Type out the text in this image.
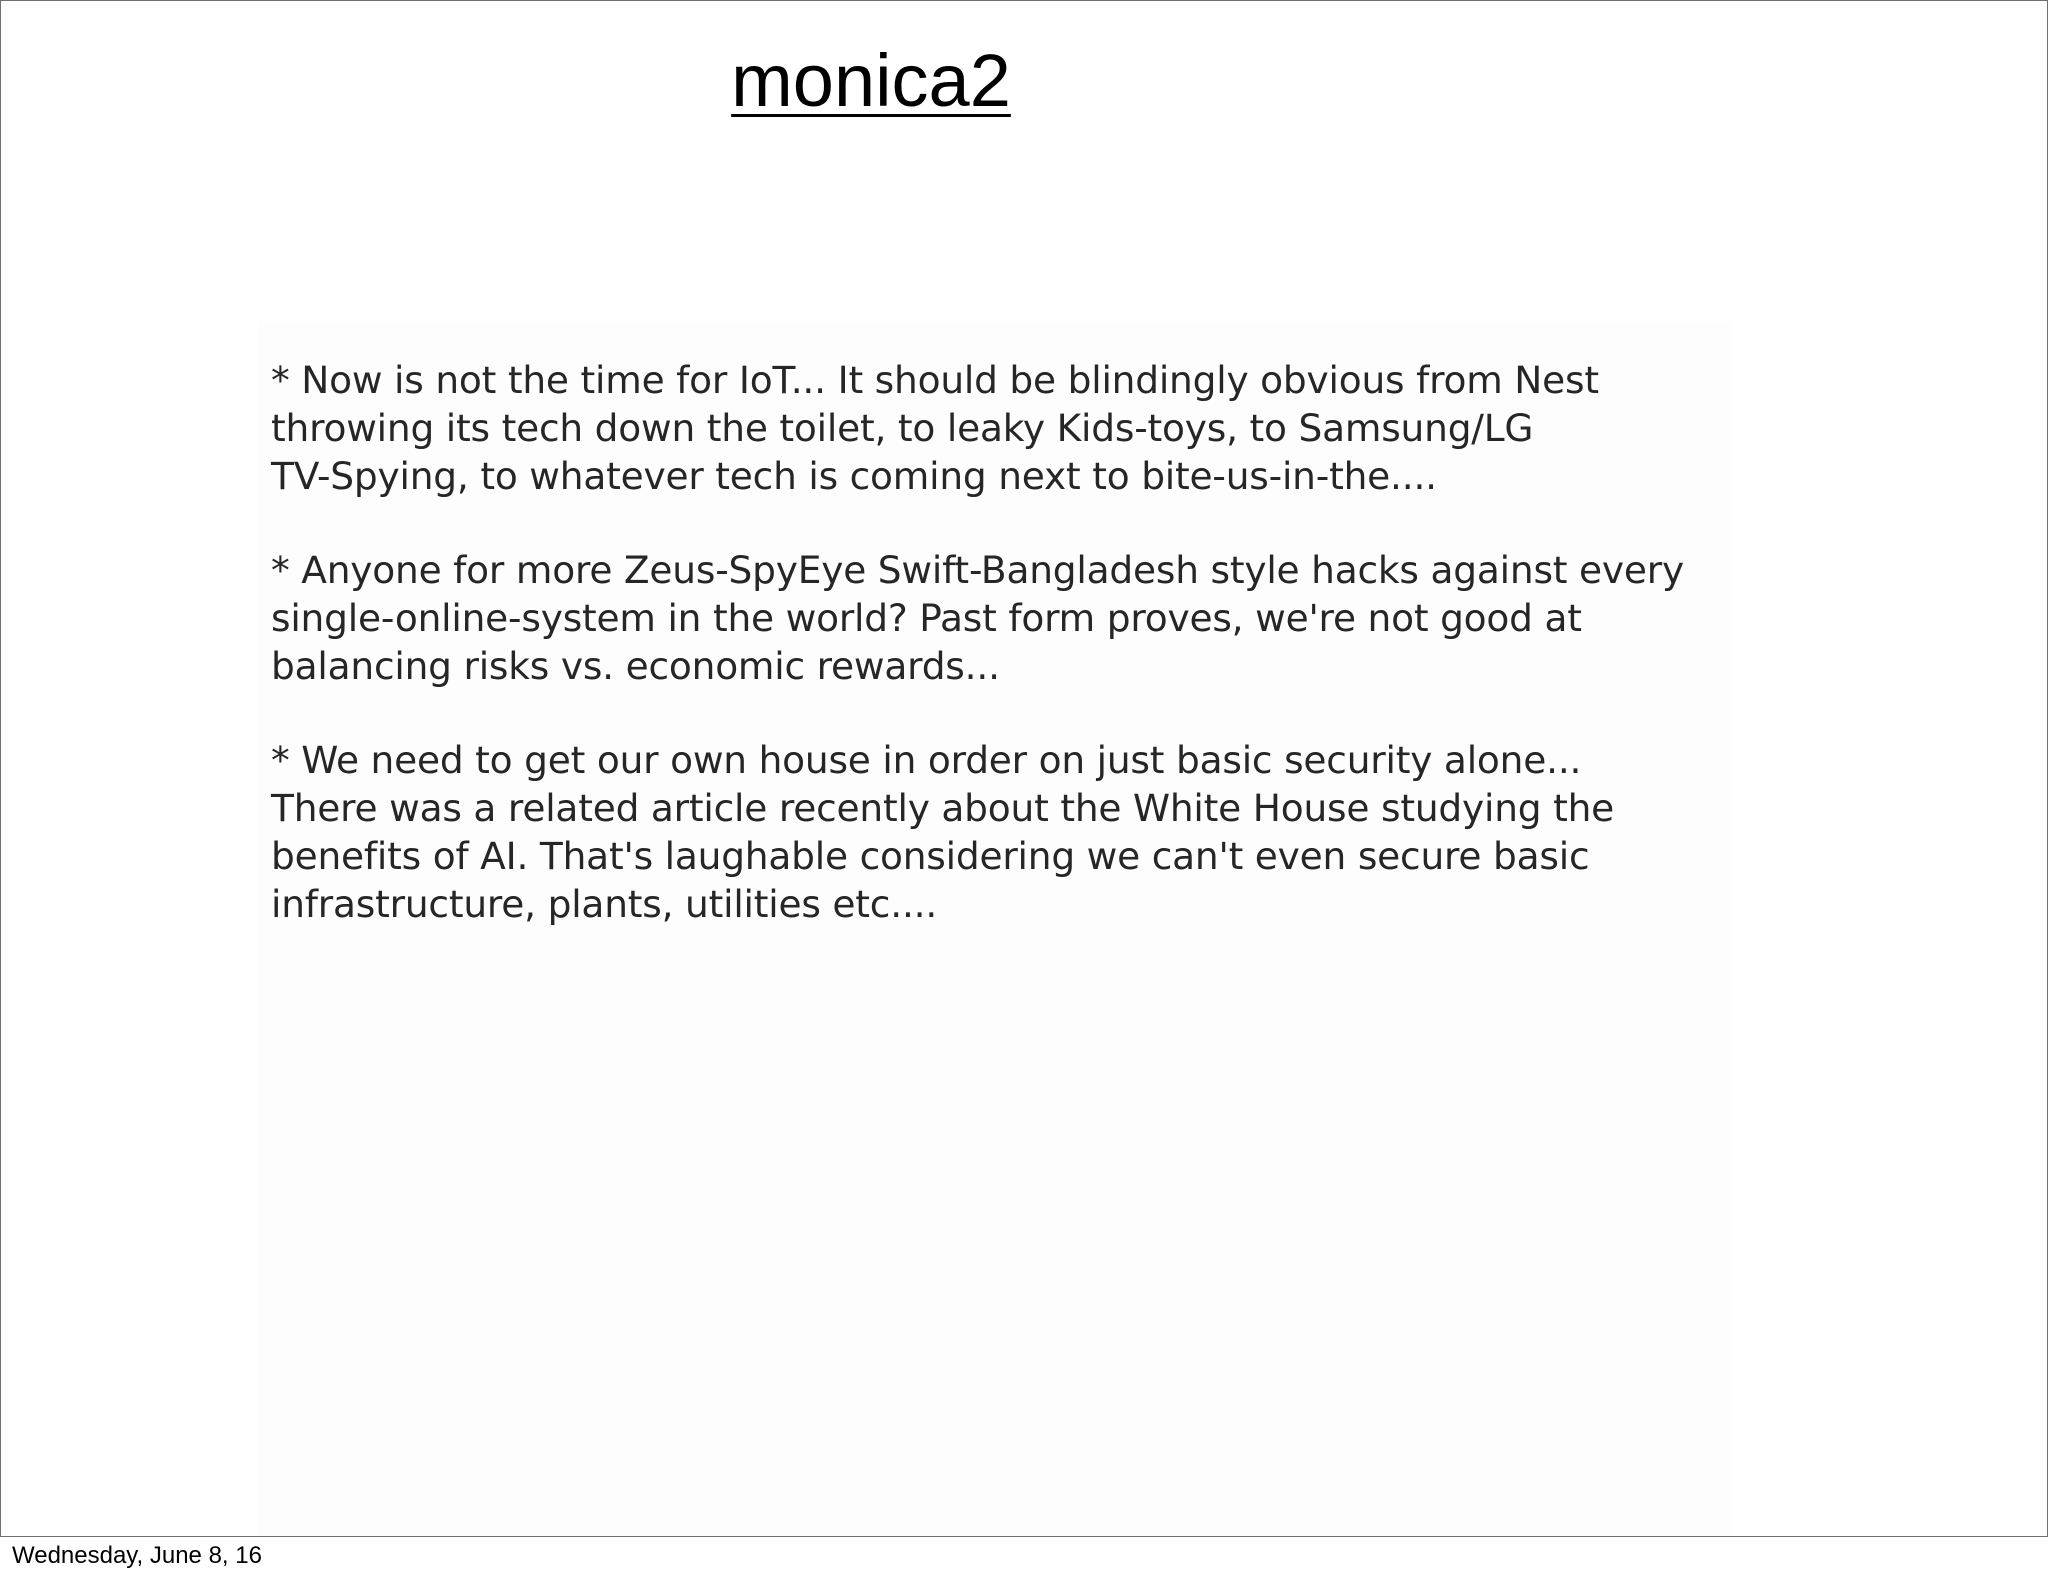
monica2

* Now is not the time for IoT... It should be blindingly obvious from Nest
throwing its tech down the toilet, to leaky Kids-toys, to Samsung/LG
TV-Spying, to whatever tech is coming next to bite-us-in-the....

* Anyone for more Zeus-SpyEye Swift-Bangladesh style hacks against every
single-online-system in the world? Past form proves, we're not good at
balancing risks vs. economic rewards...

* We need to get our own house in order on just basic security alone...
There was a related article recently about the White House studying the
benefits of AI. That's laughable considering we can't even secure basic
infrastructure, plants, utilities etc....

Wednesday, June 8, 16
